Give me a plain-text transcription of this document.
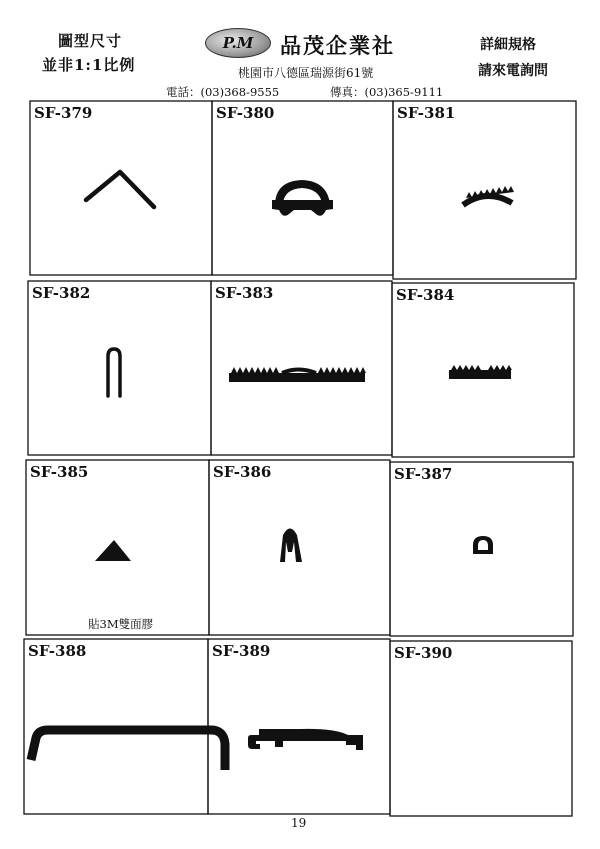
圖型尺寸
並非1:1比例
P.M	品茂企業社
桃園市八德區瑞源街61號
電話：(03)368-9555	傳真：(03)365-9111
詳細規格
請來電詢問
SF-379	SF-380	SF-381
SF-382	SF-383	SF-384
SF-385	SF-386	SF-387
SF-388	SF-389	SF-390
貼3M雙面膠
19
